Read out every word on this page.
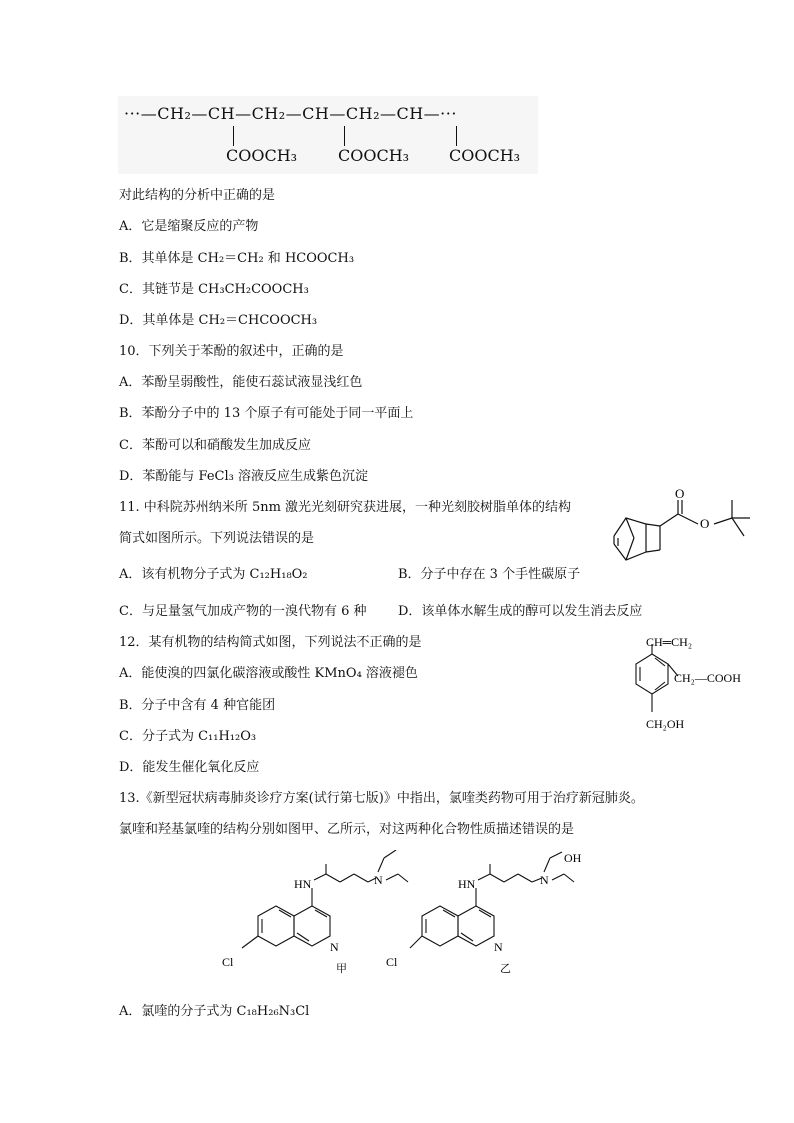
···—CH₂—CH—CH₂—CH—CH₂—CH—···
COOCH₃	COOCH₃ COOCH₃
对此结构的分析中正确的是
A．它是缩聚反应的产物
B．其单体是 CH₂＝CH₂ 和 HCOOCH₃
C．其链节是 CH₃CH₂COOCH₃
D．其单体是 CH₂＝CHCOOCH₃
10．下列关于苯酚的叙述中，正确的是
A．苯酚呈弱酸性，能使石蕊试液显浅红色
B．苯酚分子中的 13 个原子有可能处于同一平面上
C．苯酚可以和硝酸发生加成反应
D．苯酚能与 FeCl₃ 溶液反应生成紫色沉淀
11. 中科院苏州纳米所 5nm 激光光刻研究获进展，一种光刻胶树脂单体的结构
简式如图所示。下列说法错误的是
A．该有机物分子式为 C₁₂H₁₈O₂	B．分子中存在 3 个手性碳原子
C．与足量氢气加成产物的一溴代物有 6 种 D．该单体水解生成的醇可以发生消去反应
O
O
12．某有机物的结构简式如图，下列说法不正确的是
A．能使溴的四氯化碳溶液或酸性 KMnO₄ 溶液褪色
B．分子中含有 4 种官能团
C．分子式为 C₁₁H₁₂O₃
D．能发生催化氧化反应
CH═CH₂
CH₂—COOH
CH₂OH
13.《新型冠状病毒肺炎诊疗方案(试行第七版)》中指出，氯喹类药物可用于治疗新冠肺炎。
氯喹和羟基氯喹的结构分别如图甲、乙所示，对这两种化合物性质描述错误的是
HN	N
N
Cl	甲
HN	N
OH
N
Cl	乙
A．氯喹的分子式为 C₁₈H₂₆N₃Cl
